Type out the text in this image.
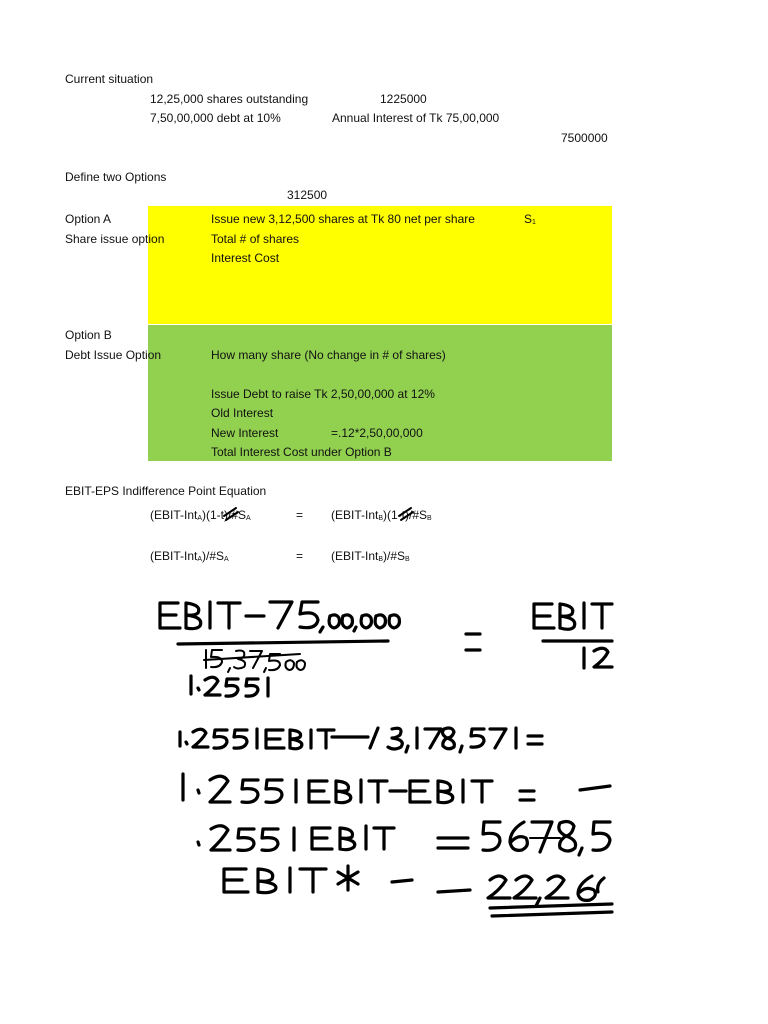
Current situation
12,25,000 shares outstanding	1225000
7,50,00,000 debt at 10%	Annual Interest of Tk 75,00,000
7500000
Define two Options
312500
Option A
Share issue option
Issue new 3,12,500 shares at Tk 80 net per share	$S_1$
Total # of shares
Interest Cost
Option B
Debt Issue Option	How many share (No change in # of shares)
Issue Debt to raise Tk 2,50,00,000 at 12%
Old Interest
New Interest	=.12*2,50,00,000
Total Interest Cost under Option B
EBIT-EPS Indifference Point Equation
$(EBIT-Int_A)(1-t)/\#S_A$	= $(EBIT-Int_B)(1-t)/\#S_B$
$(EBIT-Int_A)/\#S_A$	= $(EBIT-Int_B)/\#S_B$
